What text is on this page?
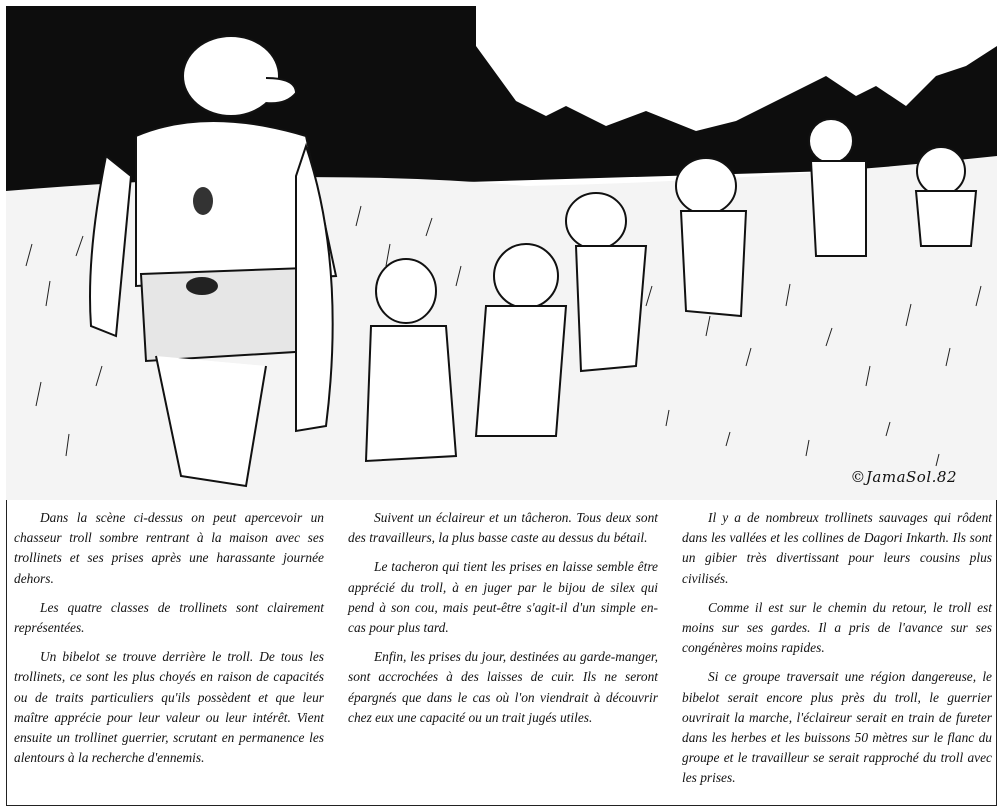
©JamaSol.82

Dans la scène ci-dessus on peut apercevoir un chasseur troll sombre rentrant à la maison avec ses trollinets et ses prises après une harassante journée dehors.

Les quatre classes de trollinets sont clairement représentées.

Un bibelot se trouve derrière le troll. De tous les trollinets, ce sont les plus choyés en raison de capacités ou de traits particuliers qu'ils possèdent et que leur maître apprécie pour leur valeur ou leur intérêt. Vient ensuite un trollinet guerrier, scrutant en permanence les alentours à la recherche d'ennemis.

Suivent un éclaireur et un tâcheron. Tous deux sont des travailleurs, la plus basse caste au dessus du bétail.

Le tacheron qui tient les prises en laisse semble être apprécié du troll, à en juger par le bijou de silex qui pend à son cou, mais peut-être s'agit-il d'un simple en-cas pour plus tard.

Enfin, les prises du jour, destinées au garde-manger, sont accrochées à des laisses de cuir. Ils ne seront épargnés que dans le cas où l'on viendrait à découvrir chez eux une capacité ou un trait jugés utiles.

Il y a de nombreux trollinets sauvages qui rôdent dans les vallées et les collines de Dagori Inkarth. Ils sont un gibier très divertissant pour leurs cousins plus civilisés.

Comme il est sur le chemin du retour, le troll est moins sur ses gardes. Il a pris de l'avance sur ses congénères moins rapides.

Si ce groupe traversait une région dangereuse, le bibelot serait encore plus près du troll, le guerrier ouvrirait la marche, l'éclaireur serait en train de fureter dans les herbes et les buissons 50 mètres sur le flanc du groupe et le travailleur se serait rapproché du troll avec les prises.
